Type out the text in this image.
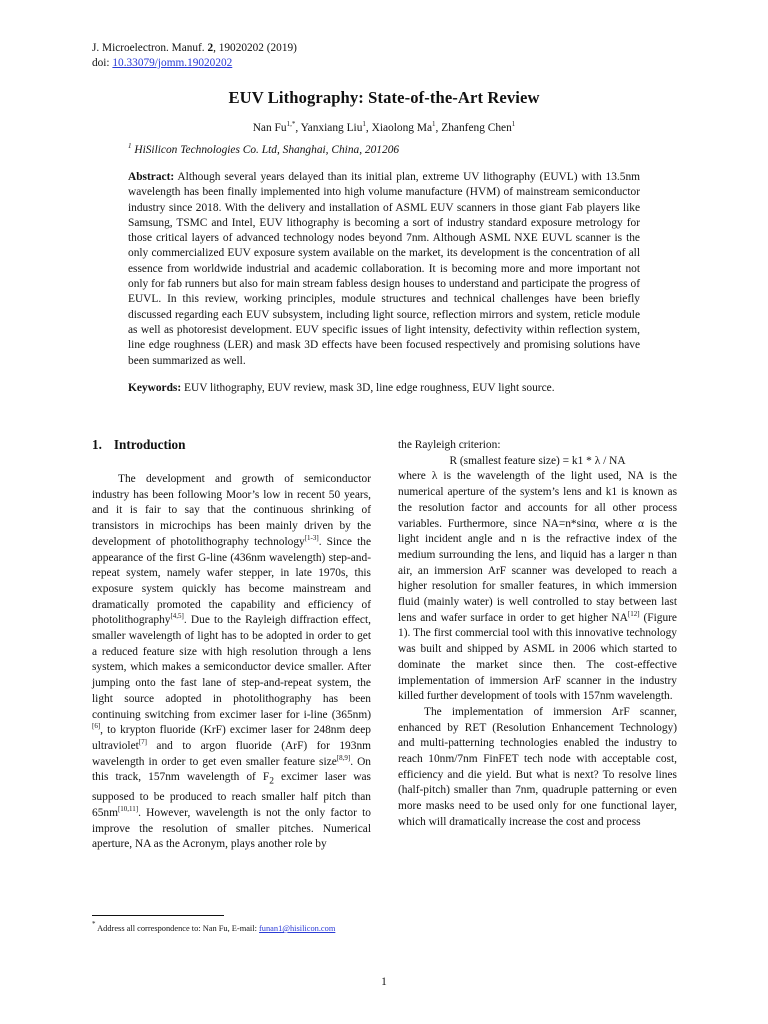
J. Microelectron. Manuf. 2, 19020202 (2019)
doi: 10.33079/jomm.19020202
EUV Lithography: State-of-the-Art Review
Nan $Fu^{1,*}$, Yanxiang Liu$^1$, Xiaolong Ma$^1$, Zhanfeng Chen$^1$
$^1$ HiSilicon Technologies Co. Ltd, Shanghai, China, 201206
Abstract: Although several years delayed than its initial plan, extreme UV lithography (EUVL) with 13.5nm wavelength has been finally implemented into high volume manufacture (HVM) of mainstream semiconductor industry since 2018. With the delivery and installation of ASML EUV scanners in those giant Fab players like Samsung, TSMC and Intel, EUV lithography is becoming a sort of industry standard exposure metrology for those critical layers of advanced technology nodes beyond 7nm. Although ASML NXE EUVL scanner is the only commercialized EUV exposure system available on the market, its development is the concentration of all essence from worldwide industrial and academic collaboration. It is becoming more and more important not only for fab runners but also for main stream fabless design houses to understand and participate the progress of EUVL. In this review, working principles, module structures and technical challenges have been briefly discussed regarding each EUV subsystem, including light source, reflection mirrors and system, reticle module as well as photoresist development. EUV specific issues of light intensity, defectivity within reflection system, line edge roughness (LER) and mask 3D effects have been focused respectively and promising solutions have been summarized as well.
Keywords: EUV lithography, EUV review, mask 3D, line edge roughness, EUV light source.
1. Introduction

The development and growth of semiconductor industry has been following Moor’s low in recent 50 years, and it is fair to say that the continuous shrinking of transistors in microchips has been mainly driven by the development of photolithography technology[1-3]. Since the appearance of the first G-line (436nm wavelength) step-and-repeat system, namely wafer stepper, in late 1970s, this exposure system quickly has become mainstream and dramatically promoted the capability and efficiency of photolithography[4,5]. Due to the Rayleigh diffraction effect, smaller wavelength of light has to be adopted in order to get a reduced feature size with high resolution through a lens system, which makes a semiconductor device smaller. After jumping onto the fast lane of step-and-repeat system, the light source adopted in photolithography has been continuing switching from excimer laser for i-line (365nm)[6], to krypton fluoride (KrF) excimer laser for 248nm deep ultraviolet[7] and to argon fluoride (ArF) for 193nm wavelength in order to get even smaller feature size[8,9]. On this track, 157nm wavelength of $F_2$ excimer laser was supposed to be produced to reach smaller half pitch than 65nm[10,11]. However, wavelength is not the only factor to improve the resolution of smaller pitches. Numerical aperture, NA as the Acronym, plays another role by

the Rayleigh criterion:

R (smallest feature size) = k1 * λ / NA

where λ is the wavelength of the light used, NA is the numerical aperture of the system’s lens and k1 is known as the resolution factor and accounts for all other process variables. Furthermore, since NA=n*sinα, where α is the light incident angle and n is the refractive index of the medium surrounding the lens, and liquid has a larger n than air, an immersion ArF scanner was developed to reach a higher resolution for smaller features, in which immersion fluid (mainly water) is well controlled to stay between last lens and wafer surface in order to get higher NA[12] (Figure 1). The first commercial tool with this innovative technology was built and shipped by ASML in 2006 which started to dominate the market since then. The cost-effective implementation of immersion ArF scanner in the industry killed further development of tools with 157nm wavelength.

The implementation of immersion ArF scanner, enhanced by RET (Resolution Enhancement Technology) and multi-patterning technologies enabled the industry to reach 10nm/7nm FinFET tech node with acceptable cost, efficiency and die yield. But what is next? To resolve lines (half-pitch) smaller than 7nm, quadruple patterning or even more masks need to be used only for one functional layer, which will dramatically increase the cost and process

* Address all correspondence to: Nan Fu, E-mail: funan1@hisilicon.com
1
